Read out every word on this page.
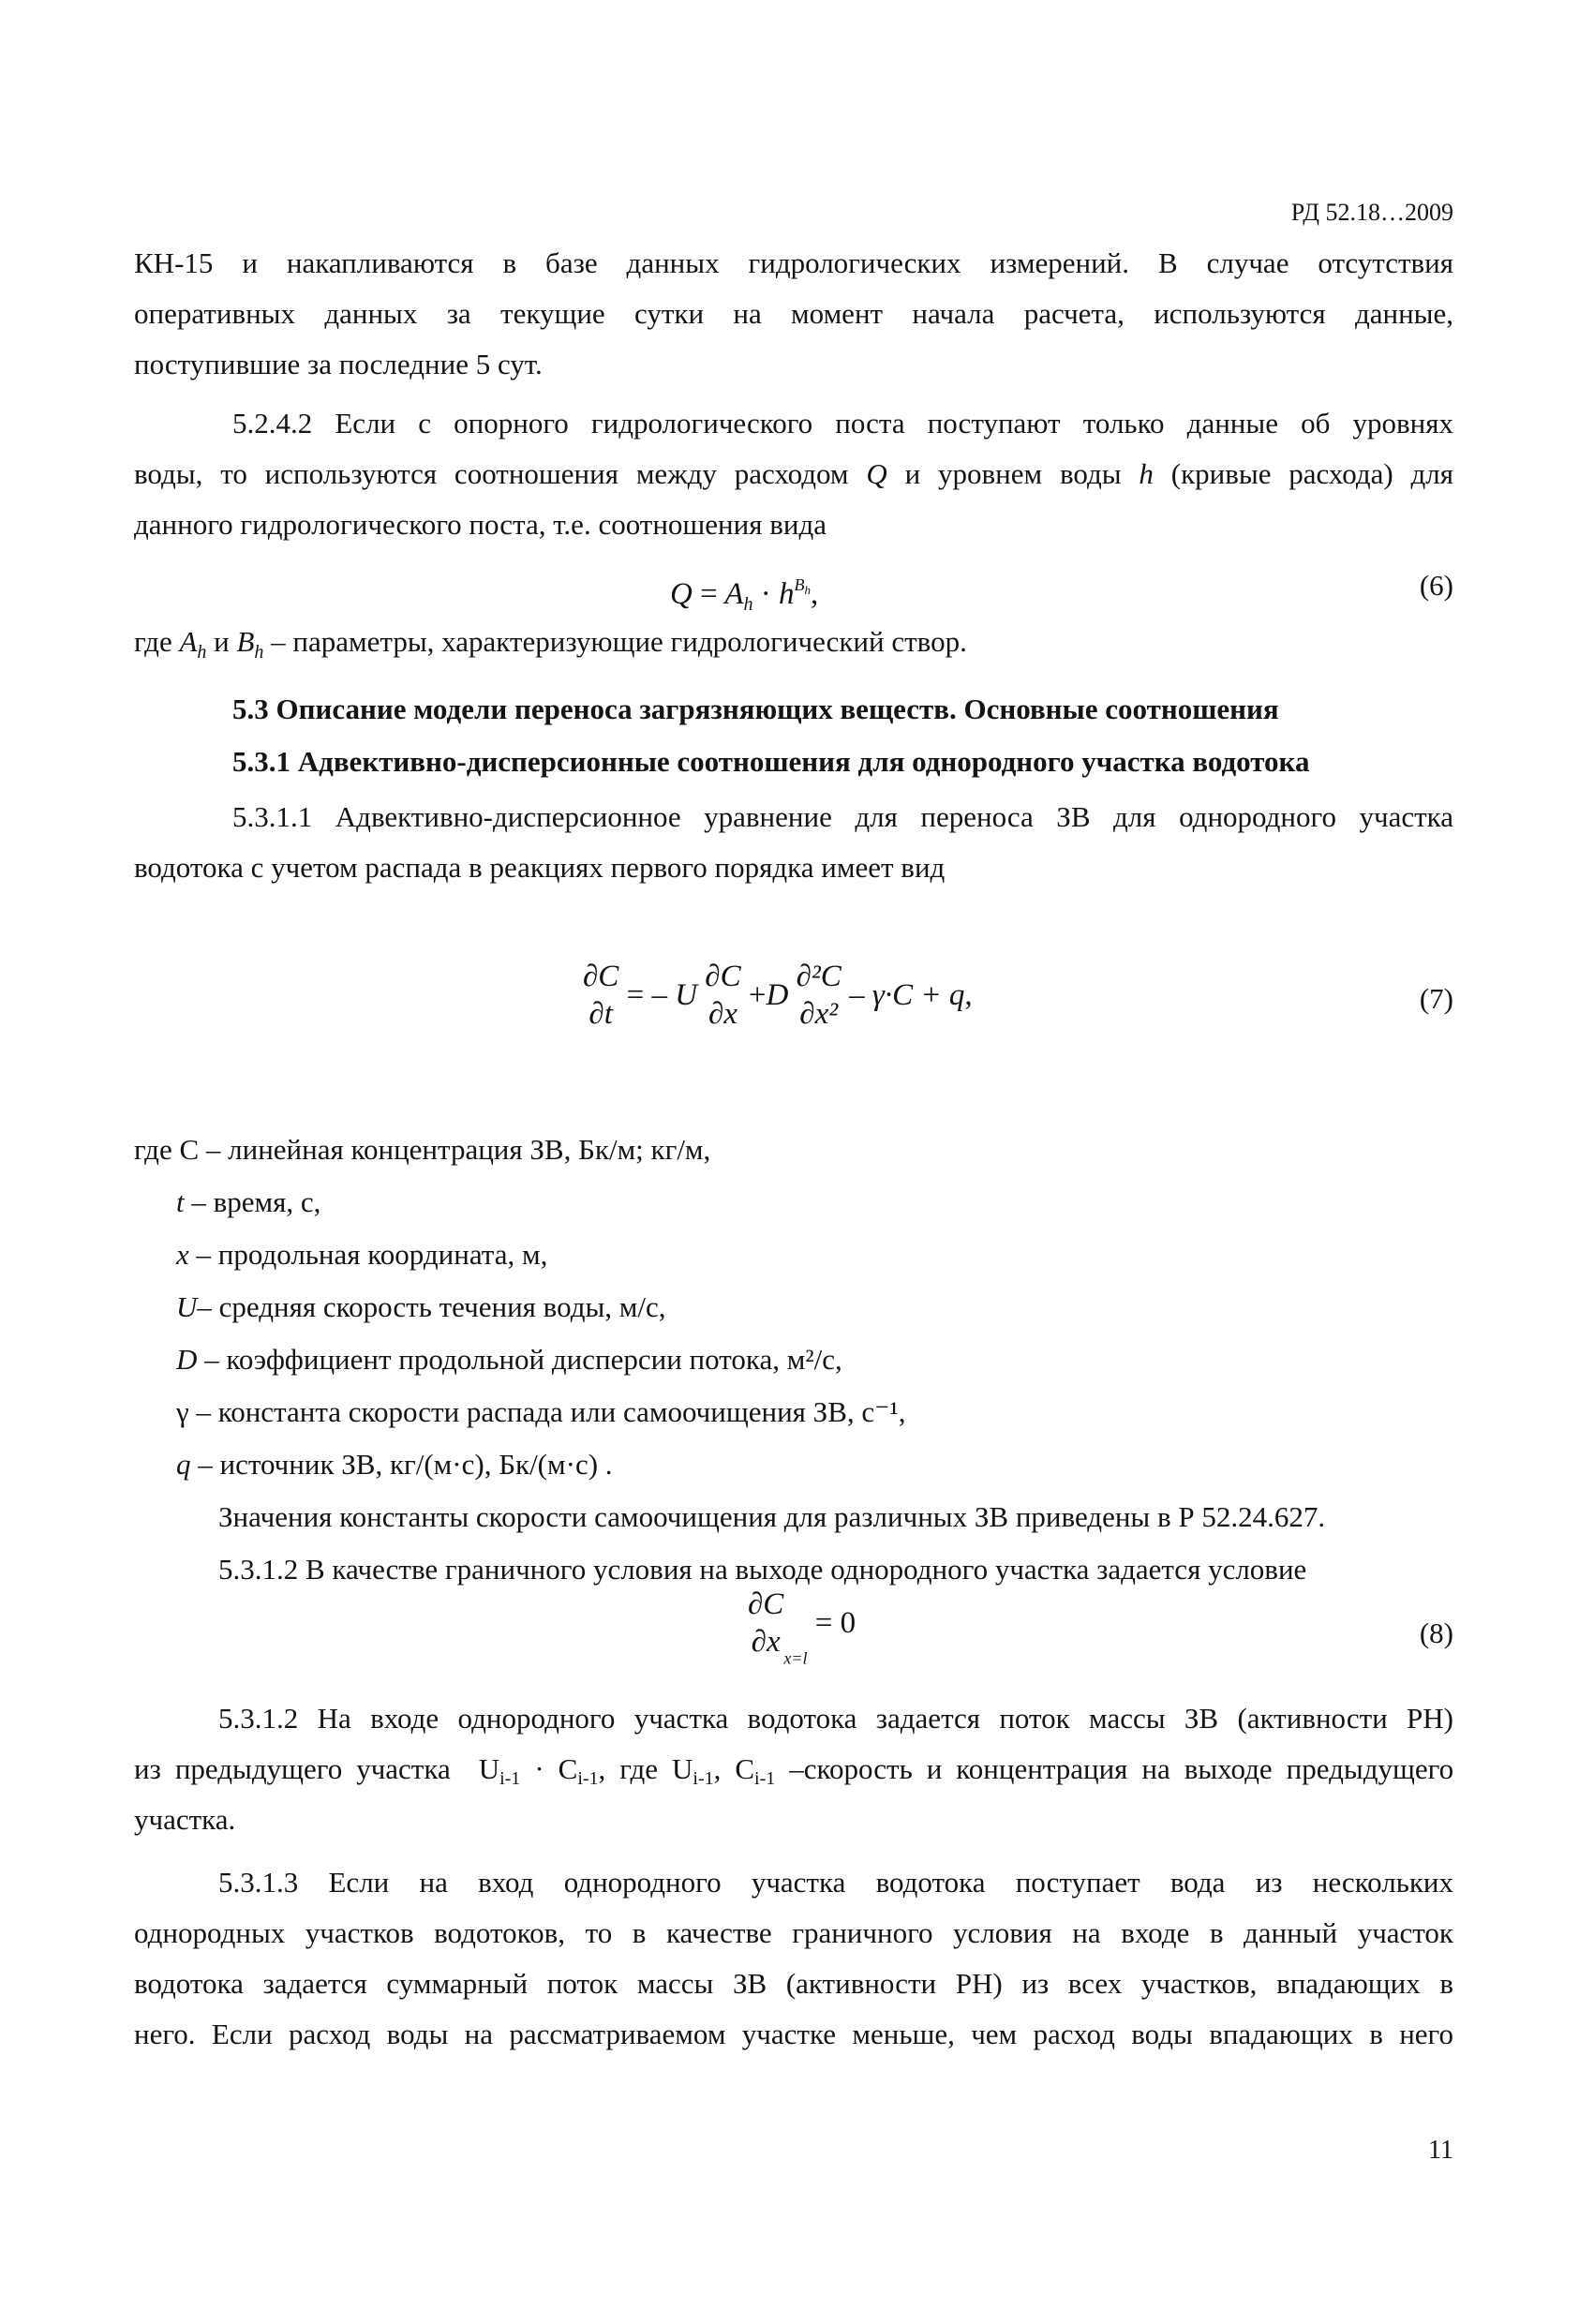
РД 52.18…2009
КН-15 и накапливаются в базе данных гидрологических измерений. В случае отсутствия
оперативных данных за текущие сутки на момент начала расчета, используются данные,
поступившие за последние 5 сут.
5.2.4.2 Если с опорного гидрологического поста поступают только данные об уровнях
воды, то используются соотношения между расходом Q и уровнем воды h (кривые расхода) для
данного гидрологического поста, т.е. соотношения вида
$Q = A_h \cdot h^{Bh}$,	(6)
где $A_h$ и $B_h$ – параметры, характеризующие гидрологический створ.
5.3 Описание модели переноса загрязняющих веществ. Основные соотношения
5.3.1 Адвективно-дисперсионные соотношения для однородного участка водотока
5.3.1.1 Адвективно-дисперсионное уравнение для переноса ЗВ для однородного участка
водотока с учетом распада в реакциях первого порядка имеет вид
∂C
∂t
= – U
∂C
∂x
+D
∂²C
∂x²
– γ·C + q,	(7)
где C – линейная концентрация ЗВ, Бк/м; кг/м,
t – время, с,
x – продольная координата, м,
U– средняя скорость течения воды, м/с,
D – коэффициент продольной дисперсии потока, м²/с,
γ – константа скорости распада или самоочищения ЗВ, с⁻¹,
q – источник ЗВ, кг/(м·с), Бк/(м·с) .
Значения константы скорости самоочищения для различных ЗВ приведены в Р 52.24.627.
5.3.1.2 В качестве граничного условия на выходе однородного участка задается условие
∂C
∂x $_{x=l}$ = 0	(8)
5.3.1.2 На входе однородного участка водотока задается поток массы ЗВ (активности РН)
из предыдущего участка Ui-1 · Ci-1, где Ui-1, Ci-1 –скорость и концентрация на выходе предыдущего
участка.
5.3.1.3 Если на вход однородного участка водотока поступает вода из нескольких
однородных участков водотоков, то в качестве граничного условия на входе в данный участок
водотока задается суммарный поток массы ЗВ (активности РН) из всех участков, впадающих в
него. Если расход воды на рассматриваемом участке меньше, чем расход воды впадающих в него
11
